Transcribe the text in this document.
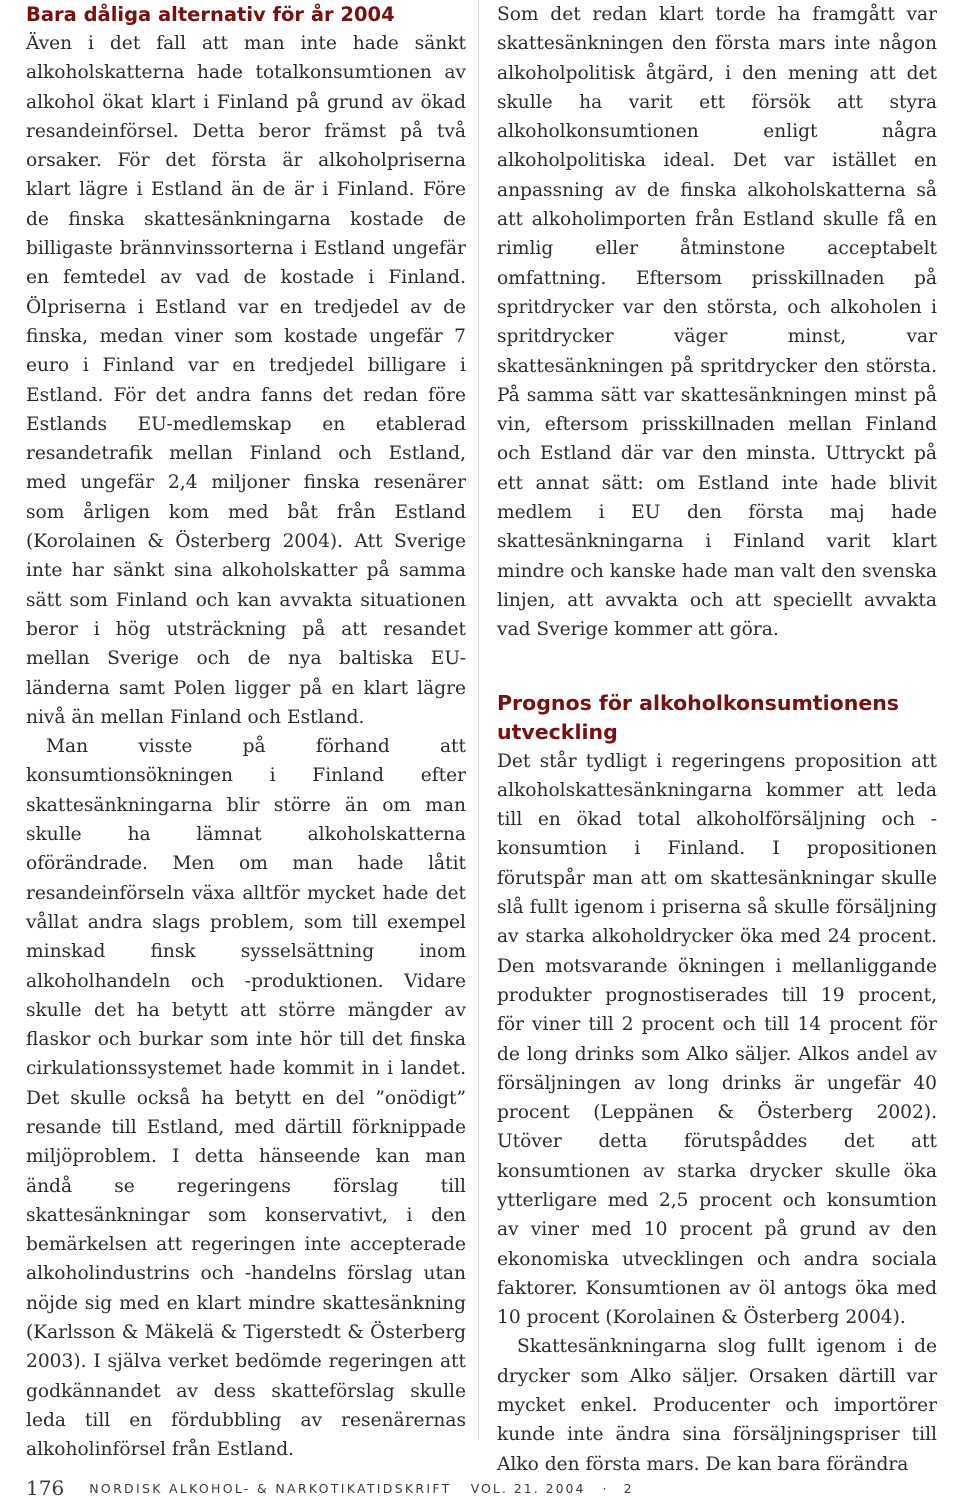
Bara dåliga alternativ för år 2004

Även i det fall att man inte hade sänkt alkoholskatterna hade totalkonsumtionen av alkohol ökat klart i Finland på grund av ökad resandeinförsel. Detta beror främst på två orsaker. För det första är alkoholpriserna klart lägre i Estland än de är i Finland. Före de finska skattesänkningarna kostade de billigaste brännvinssorterna i Estland ungefär en femtedel av vad de kostade i Finland. Ölpriserna i Estland var en tredjedel av de finska, medan viner som kostade ungefär 7 euro i Finland var en tredjedel billigare i Estland. För det andra fanns det redan före Estlands EU-medlemskap en etablerad resandetrafik mellan Finland och Estland, med ungefär 2,4 miljoner finska resenärer som årligen kom med båt från Estland (Korolainen & Österberg 2004). Att Sverige inte har sänkt sina alkoholskatter på samma sätt som Finland och kan avvakta situationen beror i hög utsträckning på att resandet mellan Sverige och de nya baltiska EU-länderna samt Polen ligger på en klart lägre nivå än mellan Finland och Estland.

Man visste på förhand att konsumtionsökningen i Finland efter skattesänkningarna blir större än om man skulle ha lämnat alkoholskatterna oförändrade. Men om man hade låtit resandeinförseln växa alltför mycket hade det vållat andra slags problem, som till exempel minskad finsk sysselsättning inom alkoholhandeln och -produktionen. Vidare skulle det ha betytt att större mängder av flaskor och burkar som inte hör till det finska cirkulationssystemet hade kommit in i landet. Det skulle också ha betytt en del ”onödigt” resande till Estland, med därtill förknippade miljöproblem. I detta hänseende kan man ändå se regeringens förslag till skattesänkningar som konservativt, i den bemärkelsen att regeringen inte accepterade alkoholindustrins och -handelns förslag utan nöjde sig med en klart mindre skattesänkning (Karlsson & Mäkelä & Tigerstedt & Österberg 2003). I själva verket bedömde regeringen att godkännandet av dess skatteförslag skulle leda till en fördubbling av resenärernas alkoholinförsel från Estland.

Som det redan klart torde ha framgått var skattesänkningen den första mars inte någon alkoholpolitisk åtgärd, i den mening att det skulle ha varit ett försök att styra alkoholkonsumtionen enligt några alkoholpolitiska ideal. Det var istället en anpassning av de finska alkoholskatterna så att alkoholimporten från Estland skulle få en rimlig eller åtminstone acceptabelt omfattning. Eftersom prisskillnaden på spritdrycker var den största, och alkoholen i spritdrycker väger minst, var skattesänkningen på spritdrycker den största. På samma sätt var skattesänkningen minst på vin, eftersom prisskillnaden mellan Finland och Estland där var den minsta. Uttryckt på ett annat sätt: om Estland inte hade blivit medlem i EU den första maj hade skattesänkningarna i Finland varit klart mindre och kanske hade man valt den svenska linjen, att avvakta och att speciellt avvakta vad Sverige kommer att göra.

Prognos för alkoholkonsumtionens utveckling

Det står tydligt i regeringens proposition att alkoholskattesänkningarna kommer att leda till en ökad total alkoholförsäljning och -konsumtion i Finland. I propositionen förutspår man att om skattesänkningar skulle slå fullt igenom i priserna så skulle försäljning av starka alkoholdrycker öka med 24 procent. Den motsvarande ökningen i mellanliggande produkter prognostiserades till 19 procent, för viner till 2 procent och till 14 procent för de long drinks som Alko säljer. Alkos andel av försäljningen av long drinks är ungefär 40 procent (Leppänen & Österberg 2002). Utöver detta förutspåddes det att konsumtionen av starka drycker skulle öka ytterligare med 2,5 procent och konsumtion av viner med 10 procent på grund av den ekonomiska utvecklingen och andra sociala faktorer. Konsumtionen av öl antogs öka med 10 procent (Korolainen & Österberg 2004).

Skattesänkningarna slog fullt igenom i de drycker som Alko säljer. Orsaken därtill var mycket enkel. Producenter och importörer kunde inte ändra sina försäljningspriser till Alko den första mars. De kan bara förändra

176 NORDISK ALKOHOL- & NARKOTIKATIDSKRIFT VOL. 21. 2004 · 2
